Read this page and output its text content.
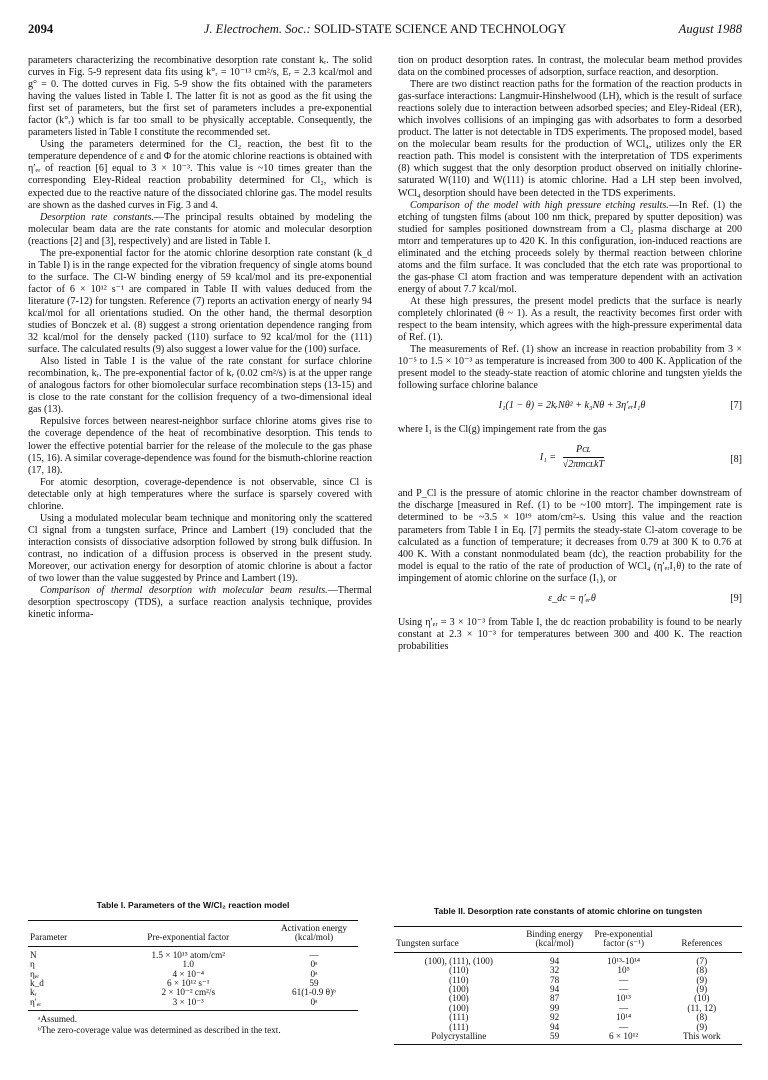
2094	J. Electrochem. Soc.: SOLID-STATE SCIENCE AND TECHNOLOGY	August 1988

parameters characterizing the recombinative desorption rate constant kᵣ. The solid curves in Fig. 5-9 represent data fits using k°ᵣ = 10⁻¹³ cm²/s, Eᵣ = 2.3 kcal/mol and g° = 0. The dotted curves in Fig. 5-9 show the fits obtained with the parameters having the values listed in Table I. The latter fit is not as good as the fit using the first set of parameters, but the first set of parameters includes a pre-exponential factor (k°ᵣ) which is far too small to be physically acceptable. Consequently, the parameters listed in Table I constitute the recommended set.

Using the parameters determined for the Cl₂ reaction, the best fit to the temperature dependence of ε and Φ for the atomic chlorine reactions is obtained with η′ₑᵣ of reaction [6] equal to 3 × 10⁻³. This value is ~10 times greater than the corresponding Eley-Rideal reaction probability determined for Cl₂, which is expected due to the reactive nature of the dissociated chlorine gas. The model results are shown as the dashed curves in Fig. 3 and 4.

Desorption rate constants.—The principal results obtained by modeling the molecular beam data are the rate constants for atomic and molecular desorption (reactions [2] and [3], respectively) and are listed in Table I.

The pre-exponential factor for the atomic chlorine desorption rate constant (k_d in Table I) is in the range expected for the vibration frequency of single atoms bound to the surface. The Cl-W binding energy of 59 kcal/mol and its pre-exponential factor of 6 × 10¹² s⁻¹ are compared in Table II with values deduced from the literature (7-12) for tungsten. Reference (7) reports an activation energy of nearly 94 kcal/mol for all orientations studied. On the other hand, the thermal desorption studies of Bonczek et al. (8) suggest a strong orientation dependence ranging from 32 kcal/mol for the densely packed (110) surface to 92 kcal/mol for the (111) surface. The calculated results (9) also suggest a lower value for the (100) surface.

Also listed in Table I is the value of the rate constant for surface chlorine recombination, kᵣ. The pre-exponential factor of kᵣ (0.02 cm²/s) is at the upper range of analogous factors for other biomolecular surface recombination steps (13-15) and is close to the rate constant for the collision frequency of a two-dimensional ideal gas (13).

Repulsive forces between nearest-neighbor surface chlorine atoms gives rise to the coverage dependence of the heat of recombinative desorption. This tends to lower the effective potential barrier for the release of the molecule to the gas phase (15, 16). A similar coverage-dependence was found for the bismuth-chlorine reaction (17, 18).

For atomic desorption, coverage-dependence is not observable, since Cl is detectable only at high temperatures where the surface is sparsely covered with chlorine.

Using a modulated molecular beam technique and monitoring only the scattered Cl signal from a tungsten surface, Prince and Lambert (19) concluded that the interaction consists of dissociative adsorption followed by strong bulk diffusion. In contrast, no indication of a diffusion process is observed in the present study. Moreover, our activation energy for desorption of atomic chlorine is about a factor of two lower than the value suggested by Prince and Lambert (19).

Comparison of thermal desorption with molecular beam results.—Thermal desorption spectroscopy (TDS), a surface reaction analysis technique, provides kinetic informa-

tion on product desorption rates. In contrast, the molecular beam method provides data on the combined processes of adsorption, surface reaction, and desorption.

There are two distinct reaction paths for the formation of the reaction products in gas-surface interactions: Langmuir-Hinshelwood (LH), which is the result of surface reactions solely due to interaction between adsorbed species; and Eley-Rideal (ER), which involves collisions of an impinging gas with adsorbates to form a desorbed product. The latter is not detectable in TDS experiments. The proposed model, based on the molecular beam results for the production of WCl₄, utilizes only the ER reaction path. This model is consistent with the interpretation of TDS experiments (8) which suggest that the only desorption product observed on initially chlorine-saturated W(110) and W(111) is atomic chlorine. Had a LH step been involved, WCl₄ desorption should have been detected in the TDS experiments.

Comparison of the model with high pressure etching results.—In Ref. (1) the etching of tungsten films (about 100 nm thick, prepared by sputter deposition) was studied for samples positioned downstream from a Cl₂ plasma discharge at 200 mtorr and temperatures up to 420 K. In this configuration, ion-induced reactions are eliminated and the etching proceeds solely by thermal reaction between chlorine atoms and the film surface. It was concluded that the etch rate was proportional to the gas-phase Cl atom fraction and was temperature dependent with an activation energy of about 7.7 kcal/mol.

At these high pressures, the present model predicts that the surface is nearly completely chlorinated (θ ~ 1). As a result, the reactivity becomes first order with respect to the beam intensity, which agrees with the high-pressure experimental data of Ref. (1).

The measurements of Ref. (1) show an increase in reaction probability from 3 × 10⁻⁵ to 1.5 × 10⁻³ as temperature is increased from 300 to 400 K. Application of the present model to the steady-state reaction of atomic chlorine and tungsten yields the following surface chlorine balance

I₁(1 − θ) = 2kᵣNθ² + k₃Nθ + 3η′ₑᵣI₁θ	[7]

where I₁ is the Cl(g) impingement rate from the gas

$I_1 = \frac{\text{Pᴄʟ}}{\text{√2πmᴄʟkT}}$	[8]

and P_Cl is the pressure of atomic chlorine in the reactor chamber downstream of the discharge [measured in Ref. (1) to be ~100 mtorr]. The impingement rate is determined to be ~3.5 × 10¹⁹ atom/cm²-s. Using this value and the reaction parameters from Table I in Eq. [7] permits the steady-state Cl-atom coverage to be calculated as a function of temperature; it decreases from 0.79 at 300 K to 0.76 at 400 K. With a constant nonmodulated beam (dc), the reaction probability for the model is equal to the ratio of the rate of production of WCl₄ (η′ₑᵣI₁θ) to the rate of impingement of atomic chlorine on the surface (I₁), or

ε_dc = η′ₑᵣθ	[9]

Using η′ₑᵣ = 3 × 10⁻³ from Table I, the dc reaction probability is found to be nearly constant at 2.3 × 10⁻³ for temperatures between 300 and 400 K. The reaction probabilities

Table I. Parameters of the W/Cl₂ reaction model
Parameter	Pre-exponential factor	Activation energy (kcal/mol)

N	1.5 × 10¹⁵ atom/cm²	—
η	1.0	0ᵃ
ηₑᵣ	4 × 10⁻⁴	0ᵃ
k_d	6 × 10¹² s⁻¹	59
kᵣ	2 × 10⁻² cm²/s	61(1-0.9 θ)ᵇ
η′ₑᵣ	3 × 10⁻³	0ᵃ
ᵃAssumed.
ᵇThe zero-coverage value was determined as described in the text.
Table II. Desorption rate constants of atomic chlorine on tungsten
Tungsten surface	Binding energy (kcal/mol)	Pre-exponential factor (s⁻¹)	References

(100), (111), (100)	94	10¹³-10¹⁴	(7)
(110)	32	10⁵	(8)
(110)	78	—	(9)
(100)	94	—	(9)
(100)	87	10¹³	(10)
(100)	99	—	(11, 12)
(111)	92	10¹⁴	(8)
(111)	94	—	(9)
Polycrystalline	59	6 × 10¹²	This work
